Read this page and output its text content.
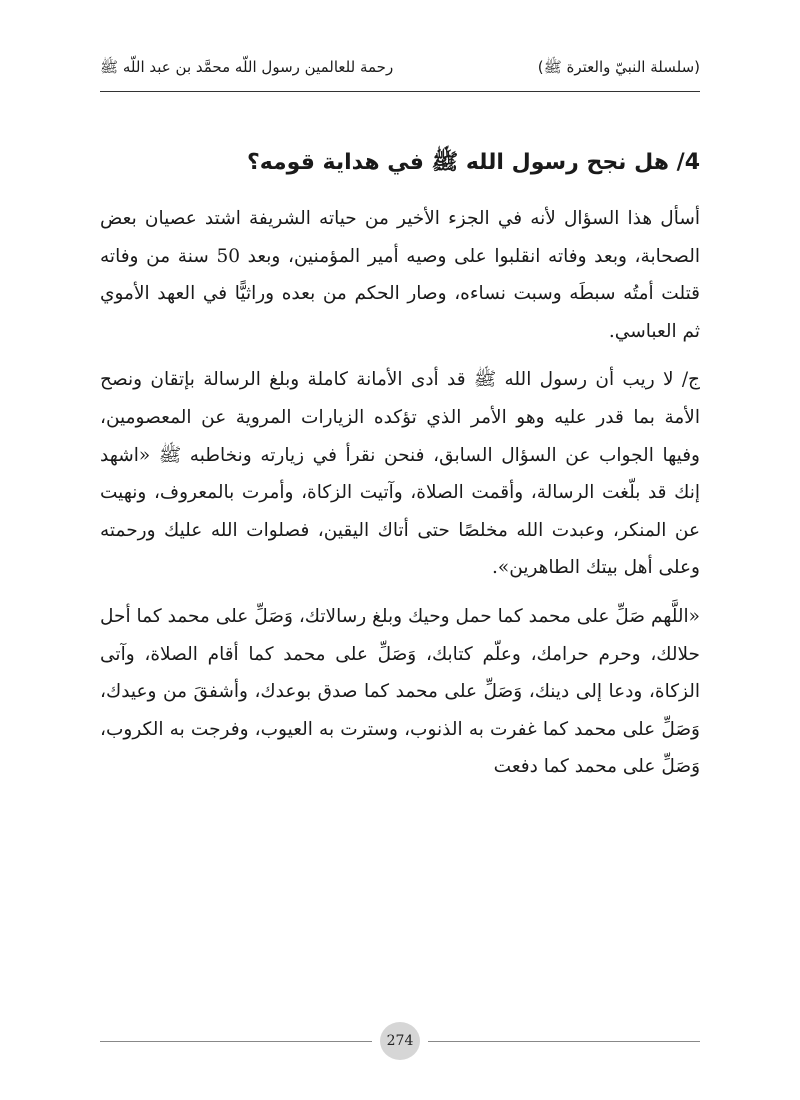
(سلسلة النبيّ والعترة ﷺ)
رحمة للعالمين رسول اللّه محمَّد بن عبد اللّه ﷺ
4/ هل نجح رسول الله ﷺ في هداية قومه؟

أسأل هذا السؤال لأنه في الجزء الأخير من حياته الشريفة اشتد عصيان بعض الصحابة، وبعد وفاته انقلبوا على وصيه أمير المؤمنين، وبعد 50 سنة من وفاته قتلت أمتُه سبطَه وسبت نساءه، وصار الحكم من بعده وراثيًّا في العهد الأموي ثم العباسي.

ج/ لا ريب أن رسول الله ﷺ قد أدى الأمانة كاملة وبلغ الرسالة بإتقان ونصح الأمة بما قدر عليه وهو الأمر الذي تؤكده الزيارات المروية عن المعصومين، وفيها الجواب عن السؤال السابق، فنحن نقرأ في زيارته ونخاطبه ﷺ «اشهد إنك قد بلّغت الرسالة، وأقمت الصلاة، وآتيت الزكاة، وأمرت بالمعروف، ونهيت عن المنكر، وعبدت الله مخلصًا حتى أتاك اليقين، فصلوات الله عليك ورحمته وعلى أهل بيتك الطاهرين».

«اللَّهم صَلِّ على محمد كما حمل وحيك وبلغ رسالاتك، وَصَلِّ على محمد كما أحل حلالك، وحرم حرامك، وعلّم كتابك، وَصَلِّ على محمد كما أقام الصلاة، وآتى الزكاة، ودعا إلى دينك، وَصَلِّ على محمد كما صدق بوعدك، وأشفقَ من وعيدك، وَصَلِّ على محمد كما غفرت به الذنوب، وسترت به العيوب، وفرجت به الكروب، وَصَلِّ على محمد كما دفعت

274
